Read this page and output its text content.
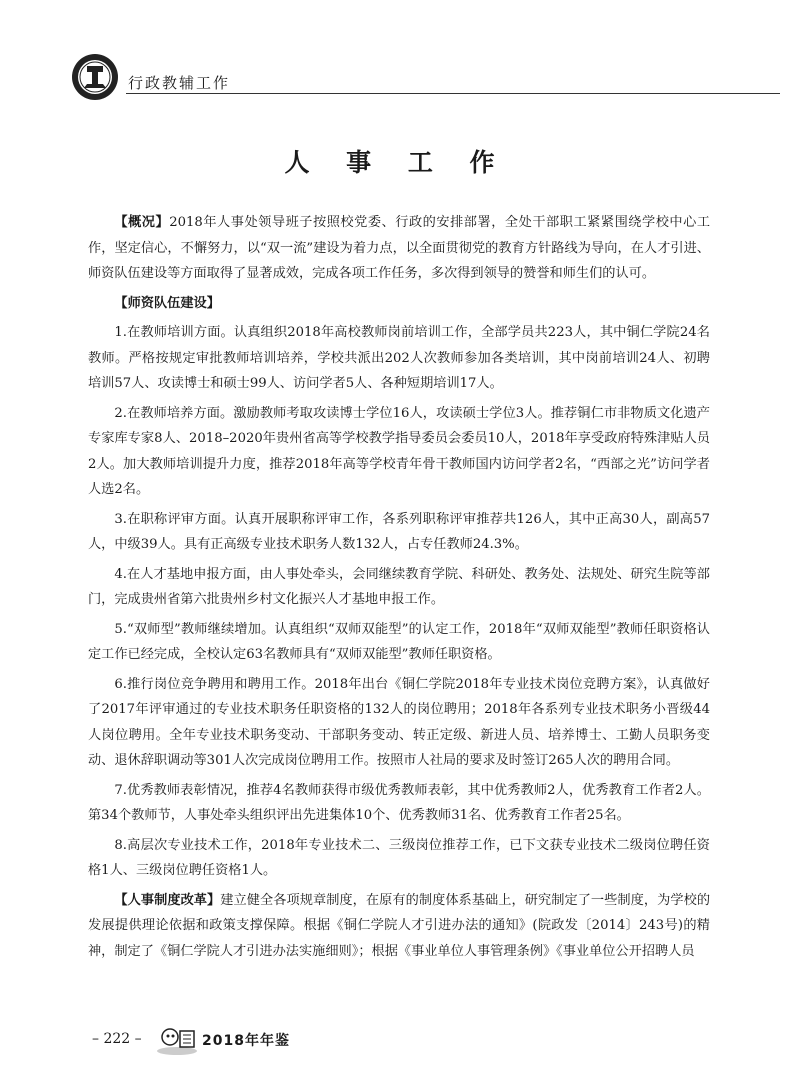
行政教辅工作
人 事 工 作

【概况】2018年人事处领导班子按照校党委、行政的安排部署，全处干部职工紧紧围绕学校中心工作，坚定信心，不懈努力，以“双一流”建设为着力点，以全面贯彻党的教育方针路线为导向，在人才引进、师资队伍建设等方面取得了显著成效，完成各项工作任务，多次得到领导的赞誉和师生们的认可。

【师资队伍建设】

1.在教师培训方面。认真组织2018年高校教师岗前培训工作，全部学员共223人，其中铜仁学院24名教师。严格按规定审批教师培训培养，学校共派出202人次教师参加各类培训，其中岗前培训24人、初聘培训57人、攻读博士和硕士99人、访问学者5人、各种短期培训17人。

2.在教师培养方面。激励教师考取攻读博士学位16人，攻读硕士学位3人。推荐铜仁市非物质文化遗产专家库专家8人、2018–2020年贵州省高等学校教学指导委员会委员10人，2018年享受政府特殊津贴人员2人。加大教师培训提升力度，推荐2018年高等学校青年骨干教师国内访问学者2名，“西部之光”访问学者人选2名。

3.在职称评审方面。认真开展职称评审工作，各系列职称评审推荐共126人，其中正高30人，副高57人，中级39人。具有正高级专业技术职务人数132人，占专任教师24.3%。

4.在人才基地申报方面，由人事处牵头，会同继续教育学院、科研处、教务处、法规处、研究生院等部门，完成贵州省第六批贵州乡村文化振兴人才基地申报工作。

5.“双师型”教师继续增加。认真组织“双师双能型”的认定工作，2018年“双师双能型”教师任职资格认定工作已经完成，全校认定63名教师具有“双师双能型”教师任职资格。

6.推行岗位竞争聘用和聘用工作。2018年出台《铜仁学院2018年专业技术岗位竞聘方案》，认真做好了2017年评审通过的专业技术职务任职资格的132人的岗位聘用；2018年各系列专业技术职务小晋级44人岗位聘用。全年专业技术职务变动、干部职务变动、转正定级、新进人员、培养博士、工勤人员职务变动、退休辞职调动等301人次完成岗位聘用工作。按照市人社局的要求及时签订265人次的聘用合同。

7.优秀教师表彰情况，推荐4名教师获得市级优秀教师表彰，其中优秀教师2人，优秀教育工作者2人。第34个教师节，人事处牵头组织评出先进集体10个、优秀教师31名、优秀教育工作者25名。

8.高层次专业技术工作，2018年专业技术二、三级岗位推荐工作，已下文获专业技术二级岗位聘任资格1人、三级岗位聘任资格1人。

【人事制度改革】建立健全各项规章制度，在原有的制度体系基础上，研究制定了一些制度，为学校的发展提供理论依据和政策支撑保障。根据《铜仁学院人才引进办法的通知》(院政发〔2014〕243号)的精神，制定了《铜仁学院人才引进办法实施细则》；根据《事业单位人事管理条例》《事业单位公开招聘人员

– 222 –	2018年年鉴
